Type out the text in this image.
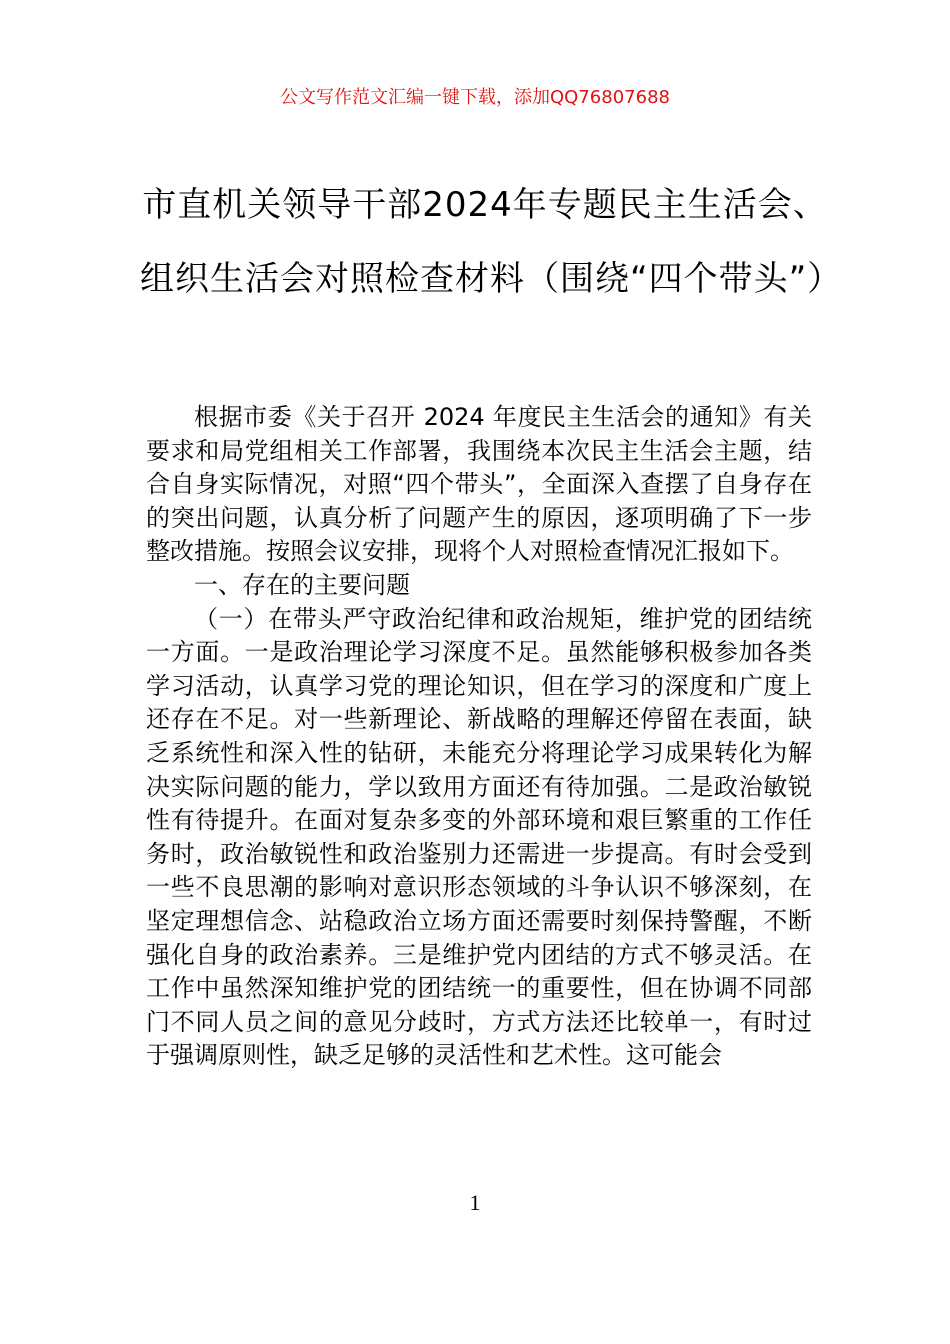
公文写作范文汇编一键下载，添加QQ76807688
市直机关领导干部2024年专题民主生活会、组织生活会对照检查材料（围绕“四个带头”）

根据市委《关于召开 2024 年度民主生活会的通知》有关要求和局党组相关工作部署，我围绕本次民主生活会主题，结合自身实际情况，对照“四个带头”，全面深入查摆了自身存在的突出问题，认真分析了问题产生的原因，逐项明确了下一步整改措施。按照会议安排，现将个人对照检查情况汇报如下。

一、存在的主要问题

（一）在带头严守政治纪律和政治规矩，维护党的团结统一方面。一是政治理论学习深度不足。虽然能够积极参加各类学习活动，认真学习党的理论知识，但在学习的深度和广度上还存在不足。对一些新理论、新战略的理解还停留在表面，缺乏系统性和深入性的钻研，未能充分将理论学习成果转化为解决实际问题的能力，学以致用方面还有待加强。二是政治敏锐性有待提升。在面对复杂多变的外部环境和艰巨繁重的工作任务时，政治敏锐性和政治鉴别力还需进一步提高。有时会受到一些不良思潮的影响对意识形态领域的斗争认识不够深刻，在坚定理想信念、站稳政治立场方面还需要时刻保持警醒，不断强化自身的政治素养。三是维护党内团结的方式不够灵活。在工作中虽然深知维护党的团结统一的重要性，但在协调不同部门不同人员之间的意见分歧时，方式方法还比较单一，有时过于强调原则性，缺乏足够的灵活性和艺术性。这可能会

1
